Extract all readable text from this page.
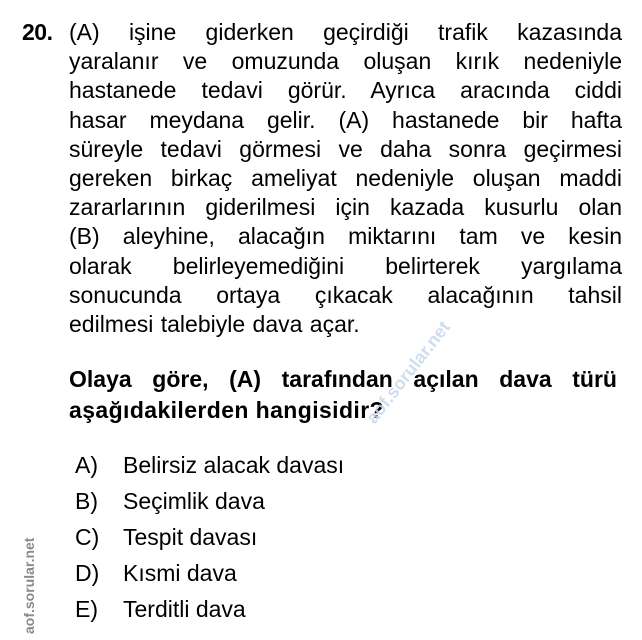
20. (A) işine giderken geçirdiği trafik kazasında
yaralanır ve omuzunda oluşan kırık nedeniyle
hastanede tedavi görür. Ayrıca aracında ciddi
hasar meydana gelir. (A) hastanede bir hafta
süreyle tedavi görmesi ve daha sonra geçirmesi
gereken birkaç ameliyat nedeniyle oluşan maddi
zararlarının giderilmesi için kazada kusurlu olan
(B) aleyhine, alacağın miktarını tam ve kesin
olarak belirleyemediğini belirterek yargılama
sonucunda ortaya çıkacak alacağının tahsil
edilmesi talebiyle dava açar.
Olaya göre, (A) tarafından açılan dava türü
aşağıdakilerden hangisidir?
A)	Belirsiz alacak davası
B)	Seçimlik dava
C)	Tespit davası
D)	Kısmi dava
E)	Terditli dava
aof.sorular.net
aof.sorular.net
